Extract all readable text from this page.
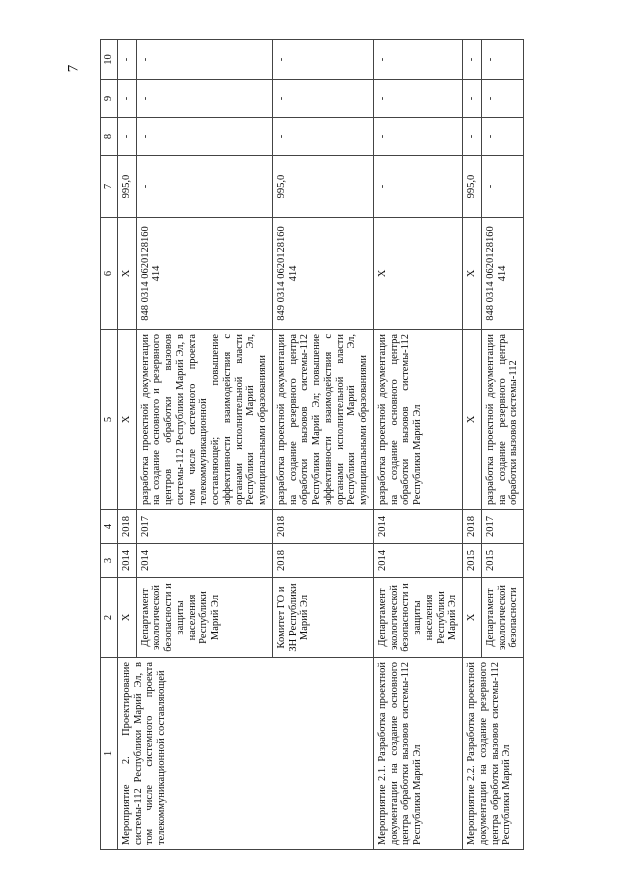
7
1	2	3	4	5	6	7	8	9	10
Мероприятие 2. Проектирование системы-112 Республики Марий Эл, в том числе системного проекта телекоммуникационной составляющей	Х	2014	2018	Х	Х	995,0	-	-	-
	Департамент экологической безопасности и защиты населения Республики Марий Эл	2014	2017	разработка проектной документации на создание основного и резервного центров обработки вызовов системы-112 Республики Марий Эл, в том числе системного проекта телекоммуникационной составляющей; повышение эффективности взаимодействия с органами исполнительной власти Республики Марий Эл, муниципальными образованиями	848 0314 0620128160 414	-	-	-	-
	Комитет ГО и ЗН Республики Марий Эл	2018	2018	разработка проектной документации на создание резервного центра обработки вызовов системы-112 Республики Марий Эл; повышение эффективности взаимодействия с органами исполнительной власти Республики Марий Эл, муниципальными образованиями	849 0314 0620128160 414	995,0	-	-	-
Мероприятие 2.1. Разработка проектной документации на создание основного центра обработки вызовов системы-112 Республики Марий Эл	Департамент экологической безопасности и защиты населения Республики Марий Эл	2014	2014	разработка проектной документации на создание основного центра обработки вызовов системы-112 Республики Марий Эл	Х	-	-	-	-
Мероприятие 2.2. Разработка проектной документации на создание резервного центра обработки вызовов системы-112 Республики Марий Эл	Х	2015	2018	Х	Х	995,0	-	-	-
	Департамент экологической безопасности	2015	2017	разработка проектной документации на создание резервного центра обработки вызовов системы-112	848 0314 0620128160 414	-	-	-	-
